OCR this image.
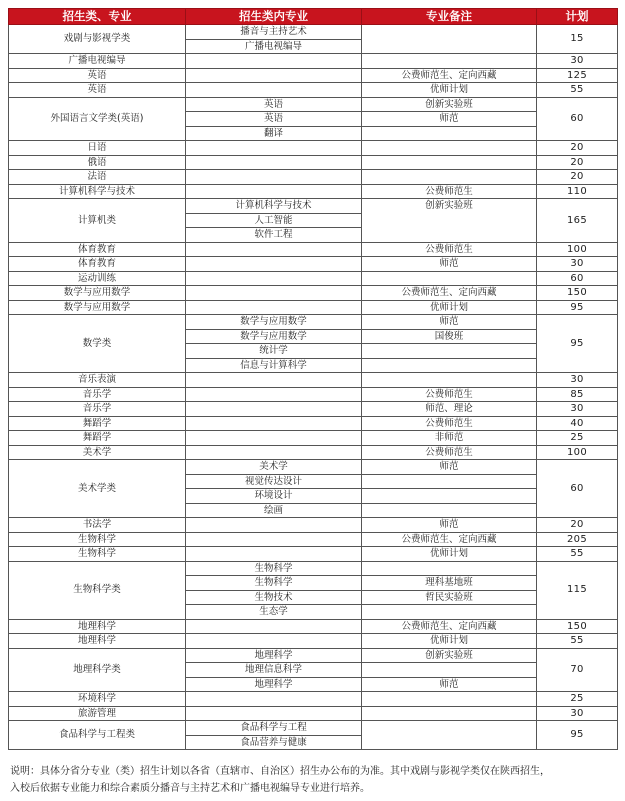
招生类、专业	招生类内专业	专业备注	计划
戏剧与影视学类	播音与主持艺术		15
	广播电视编导		
广播电视编导			30
英语		公费师范生、定向西藏	125
英语		优师计划	55
外国语言文学类(英语)	英语	创新实验班	60
	英语	师范	
	翻译		
日语			20
俄语			20
法语			20
计算机科学与技术		公费师范生	110
计算机类	计算机科学与技术	创新实验班	165
	人工智能		
	软件工程		
体育教育		公费师范生	100
体育教育		师范	30
运动训练			60
数学与应用数学		公费师范生、定向西藏	150
数学与应用数学		优师计划	95
数学类	数学与应用数学	师范	95
	数学与应用数学	国俊班	
	统计学		
	信息与计算科学		
音乐表演			30
音乐学		公费师范生	85
音乐学		师范、理论	30
舞蹈学		公费师范生	40
舞蹈学		非师范	25
美术学		公费师范生	100
美术学类	美术学	师范	60
	视觉传达设计		
	环境设计		
	绘画		
书法学		师范	20
生物科学		公费师范生、定向西藏	205
生物科学		优师计划	55
生物科学类	生物科学		115
	生物科学	理科基地班	
	生物技术	哲民实验班	
	生态学		
地理科学		公费师范生、定向西藏	150
地理科学		优师计划	55
地理科学类	地理科学	创新实验班	70
	地理信息科学		
	地理科学	师范	
环境科学			25
旅游管理			30
食品科学与工程类	食品科学与工程		95
	食品营养与健康		
说明：具体分省分专业（类）招生计划以各省（直辖市、自治区）招生办公布的为准。其中戏剧与影视学类仅在陕西招生，
入校后依据专业能力和综合素质分播音与主持艺术和广播电视编导专业进行培养。
